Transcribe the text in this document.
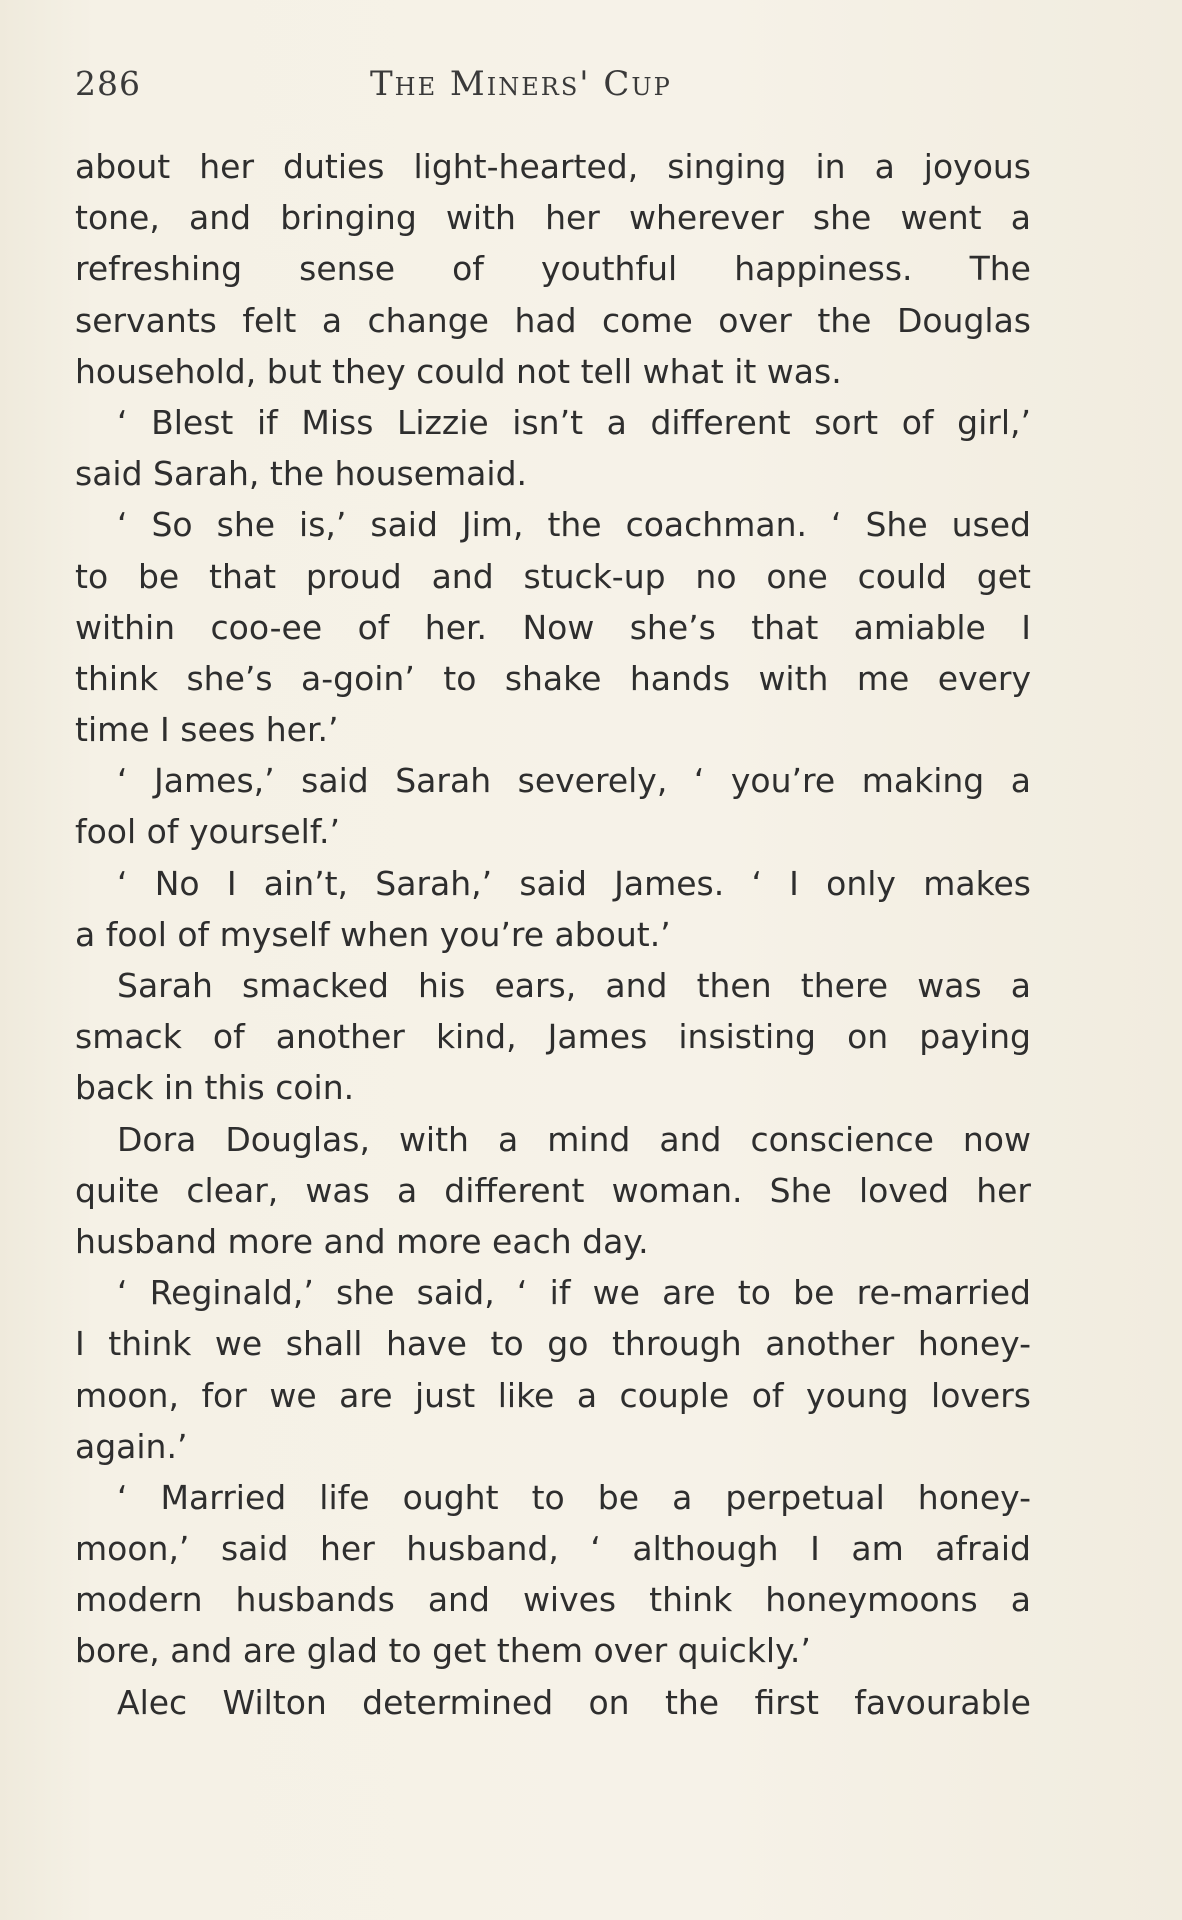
286	The Miners' Cup
about her duties light-hearted, singing in a joyous
tone, and bringing with her wherever she went a
refreshing sense of youthful happiness. The
servants felt a change had come over the Douglas
household, but they could not tell what it was.
‘ Blest if Miss Lizzie isn’t a different sort of girl,’
said Sarah, the housemaid.
‘ So she is,’ said Jim, the coachman. ‘ She used
to be that proud and stuck-up no one could get
within coo-ee of her. Now she’s that amiable I
think she’s a-goin’ to shake hands with me every
time I sees her.’
‘ James,’ said Sarah severely, ‘ you’re making a
fool of yourself.’
‘ No I ain’t, Sarah,’ said James. ‘ I only makes
a fool of myself when you’re about.’
Sarah smacked his ears, and then there was a
smack of another kind, James insisting on paying
back in this coin.
Dora Douglas, with a mind and conscience now
quite clear, was a different woman. She loved her
husband more and more each day.
‘ Reginald,’ she said, ‘ if we are to be re-married
I think we shall have to go through another honey-
moon, for we are just like a couple of young lovers
again.’
‘ Married life ought to be a perpetual honey-
moon,’ said her husband, ‘ although I am afraid
modern husbands and wives think honeymoons a
bore, and are glad to get them over quickly.’
Alec Wilton determined on the first favourable
